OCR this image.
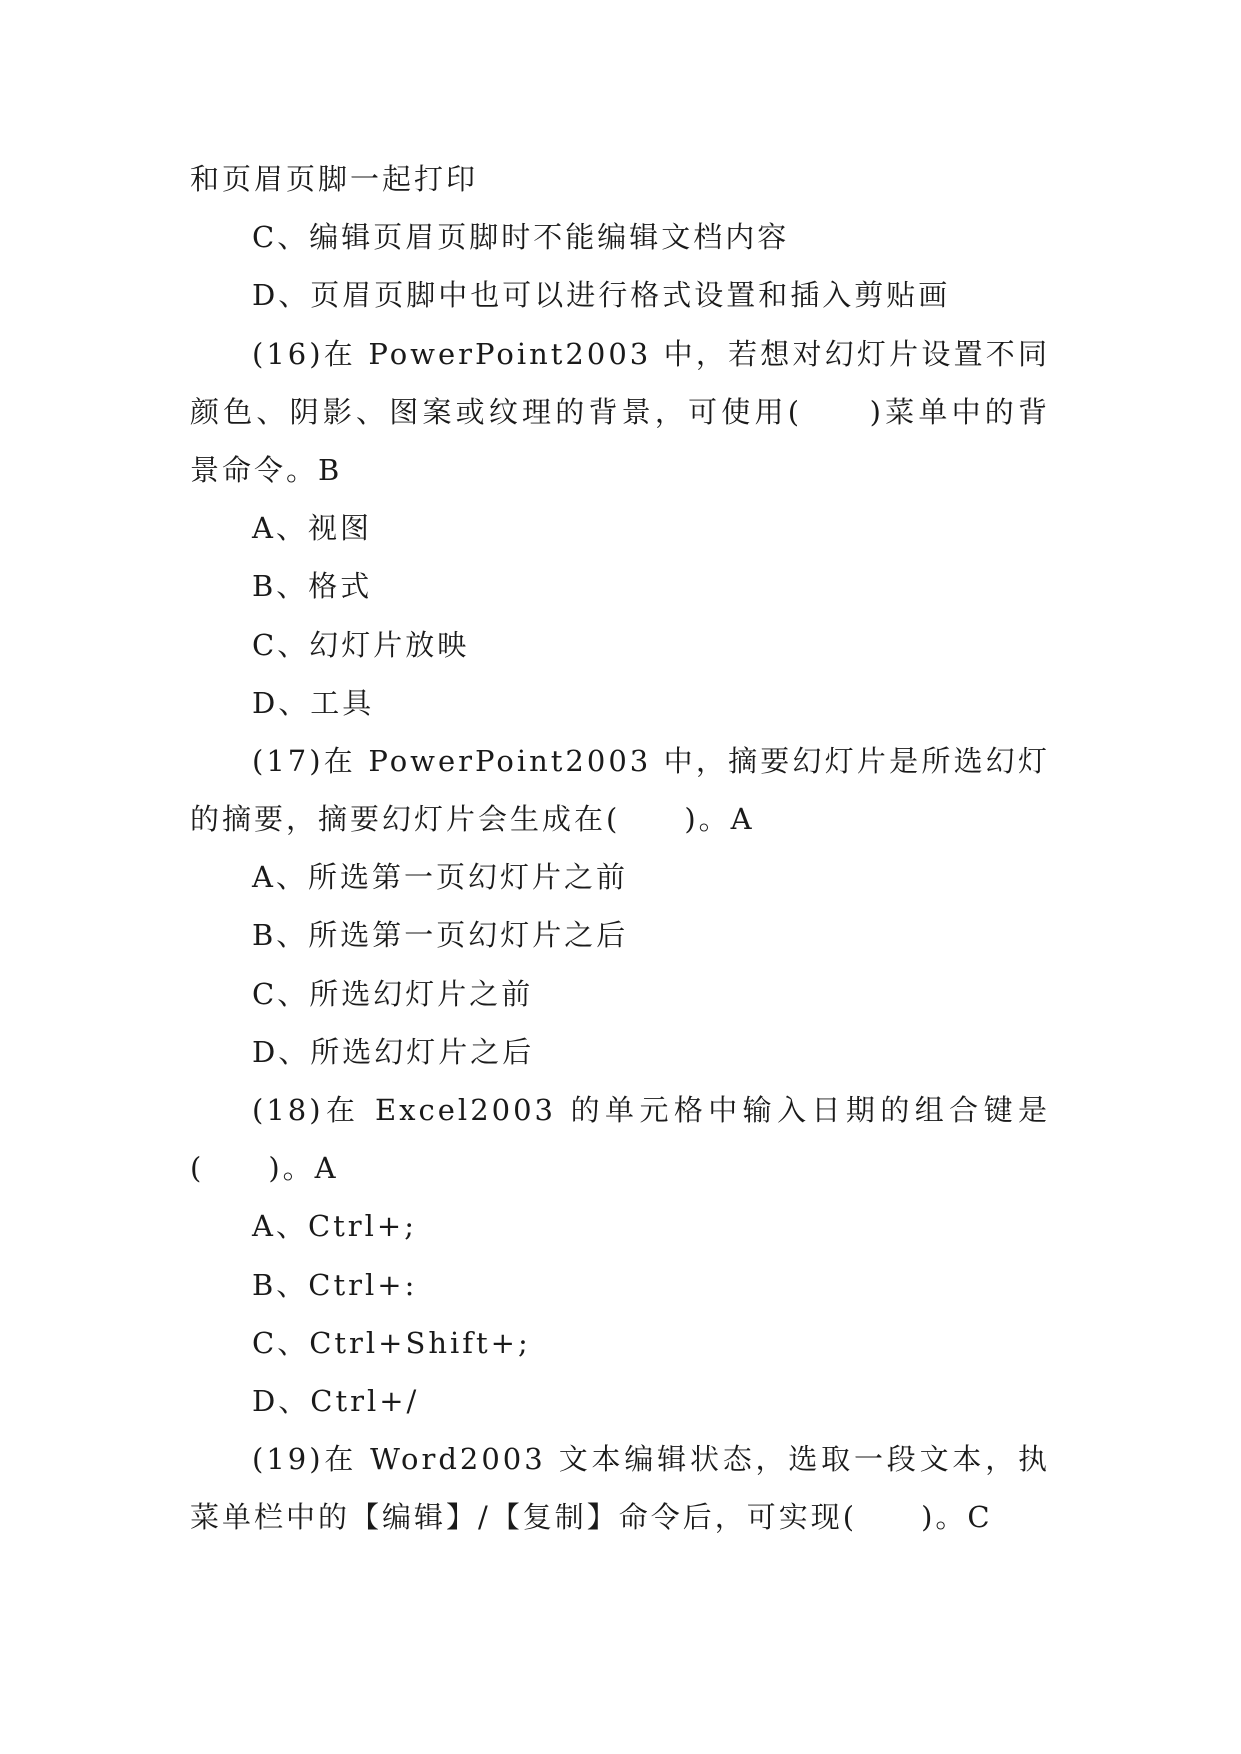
和页眉页脚一起打印
C、编辑页眉页脚时不能编辑文档内容
D、页眉页脚中也可以进行格式设置和插入剪贴画
(16)在 PowerPoint2003 中，若想对幻灯片设置不同
颜色、阴影、图案或纹理的背景，可使用(　　)菜单中的背
景命令。B
A、视图
B、格式
C、幻灯片放映
D、工具
(17)在 PowerPoint2003 中，摘要幻灯片是所选幻灯
的摘要，摘要幻灯片会生成在(　　)。A
A、所选第一页幻灯片之前
B、所选第一页幻灯片之后
C、所选幻灯片之前
D、所选幻灯片之后
(18)在 Excel2003 的单元格中输入日期的组合键是
(　　)。A
A、Ctrl+;
B、Ctrl+:
C、Ctrl+Shift+;
D、Ctrl+/
(19)在 Word2003 文本编辑状态，选取一段文本，执
菜单栏中的【编辑】/【复制】命令后，可实现(　　)。C
